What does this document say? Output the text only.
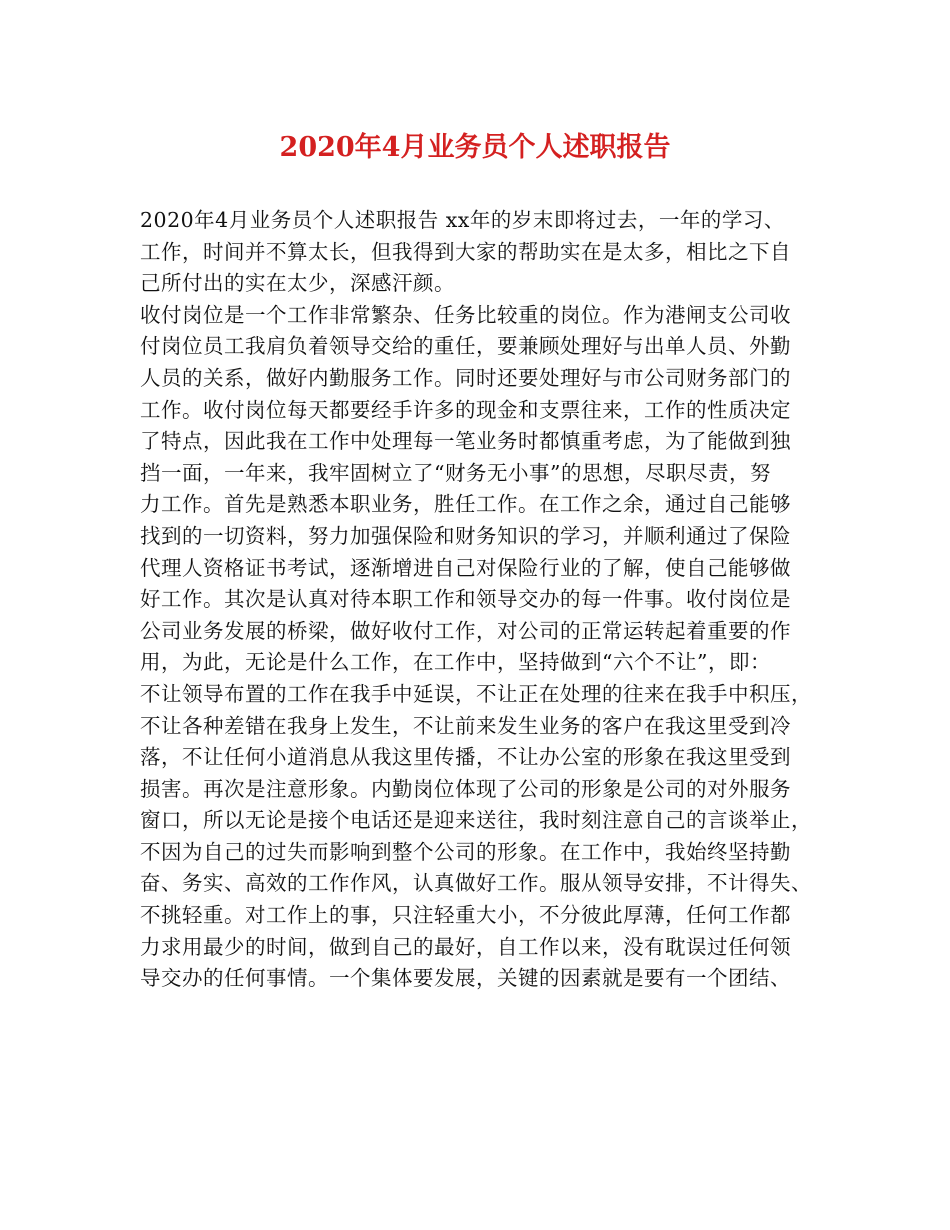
2020年4月业务员个人述职报告
2020年4月业务员个人述职报告 xx年的岁末即将过去，一年的学习、
工作，时间并不算太长，但我得到大家的帮助实在是太多，相比之下自
己所付出的实在太少，深感汗颜。
收付岗位是一个工作非常繁杂、任务比较重的岗位。作为港闸支公司收
付岗位员工我肩负着领导交给的重任，要兼顾处理好与出单人员、外勤
人员的关系，做好内勤服务工作。同时还要处理好与市公司财务部门的
工作。收付岗位每天都要经手许多的现金和支票往来，工作的性质决定
了特点，因此我在工作中处理每一笔业务时都慎重考虑，为了能做到独
挡一面，一年来，我牢固树立了“财务无小事”的思想，尽职尽责，努
力工作。首先是熟悉本职业务，胜任工作。在工作之余，通过自己能够
找到的一切资料，努力加强保险和财务知识的学习，并顺利通过了保险
代理人资格证书考试，逐渐增进自己对保险行业的了解，使自己能够做
好工作。其次是认真对待本职工作和领导交办的每一件事。收付岗位是
公司业务发展的桥梁，做好收付工作，对公司的正常运转起着重要的作
用，为此，无论是什么工作，在工作中，坚持做到“六个不让”，即：
不让领导布置的工作在我手中延误，不让正在处理的往来在我手中积压，
不让各种差错在我身上发生，不让前来发生业务的客户在我这里受到冷
落，不让任何小道消息从我这里传播，不让办公室的形象在我这里受到
损害。再次是注意形象。内勤岗位体现了公司的形象是公司的对外服务
窗口，所以无论是接个电话还是迎来送往，我时刻注意自己的言谈举止，
不因为自己的过失而影响到整个公司的形象。在工作中，我始终坚持勤
奋、务实、高效的工作作风，认真做好工作。服从领导安排，不计得失、
不挑轻重。对工作上的事，只注轻重大小，不分彼此厚薄，任何工作都
力求用最少的时间，做到自己的最好，自工作以来，没有耽误过任何领
导交办的任何事情。一个集体要发展，关键的因素就是要有一个团结、
